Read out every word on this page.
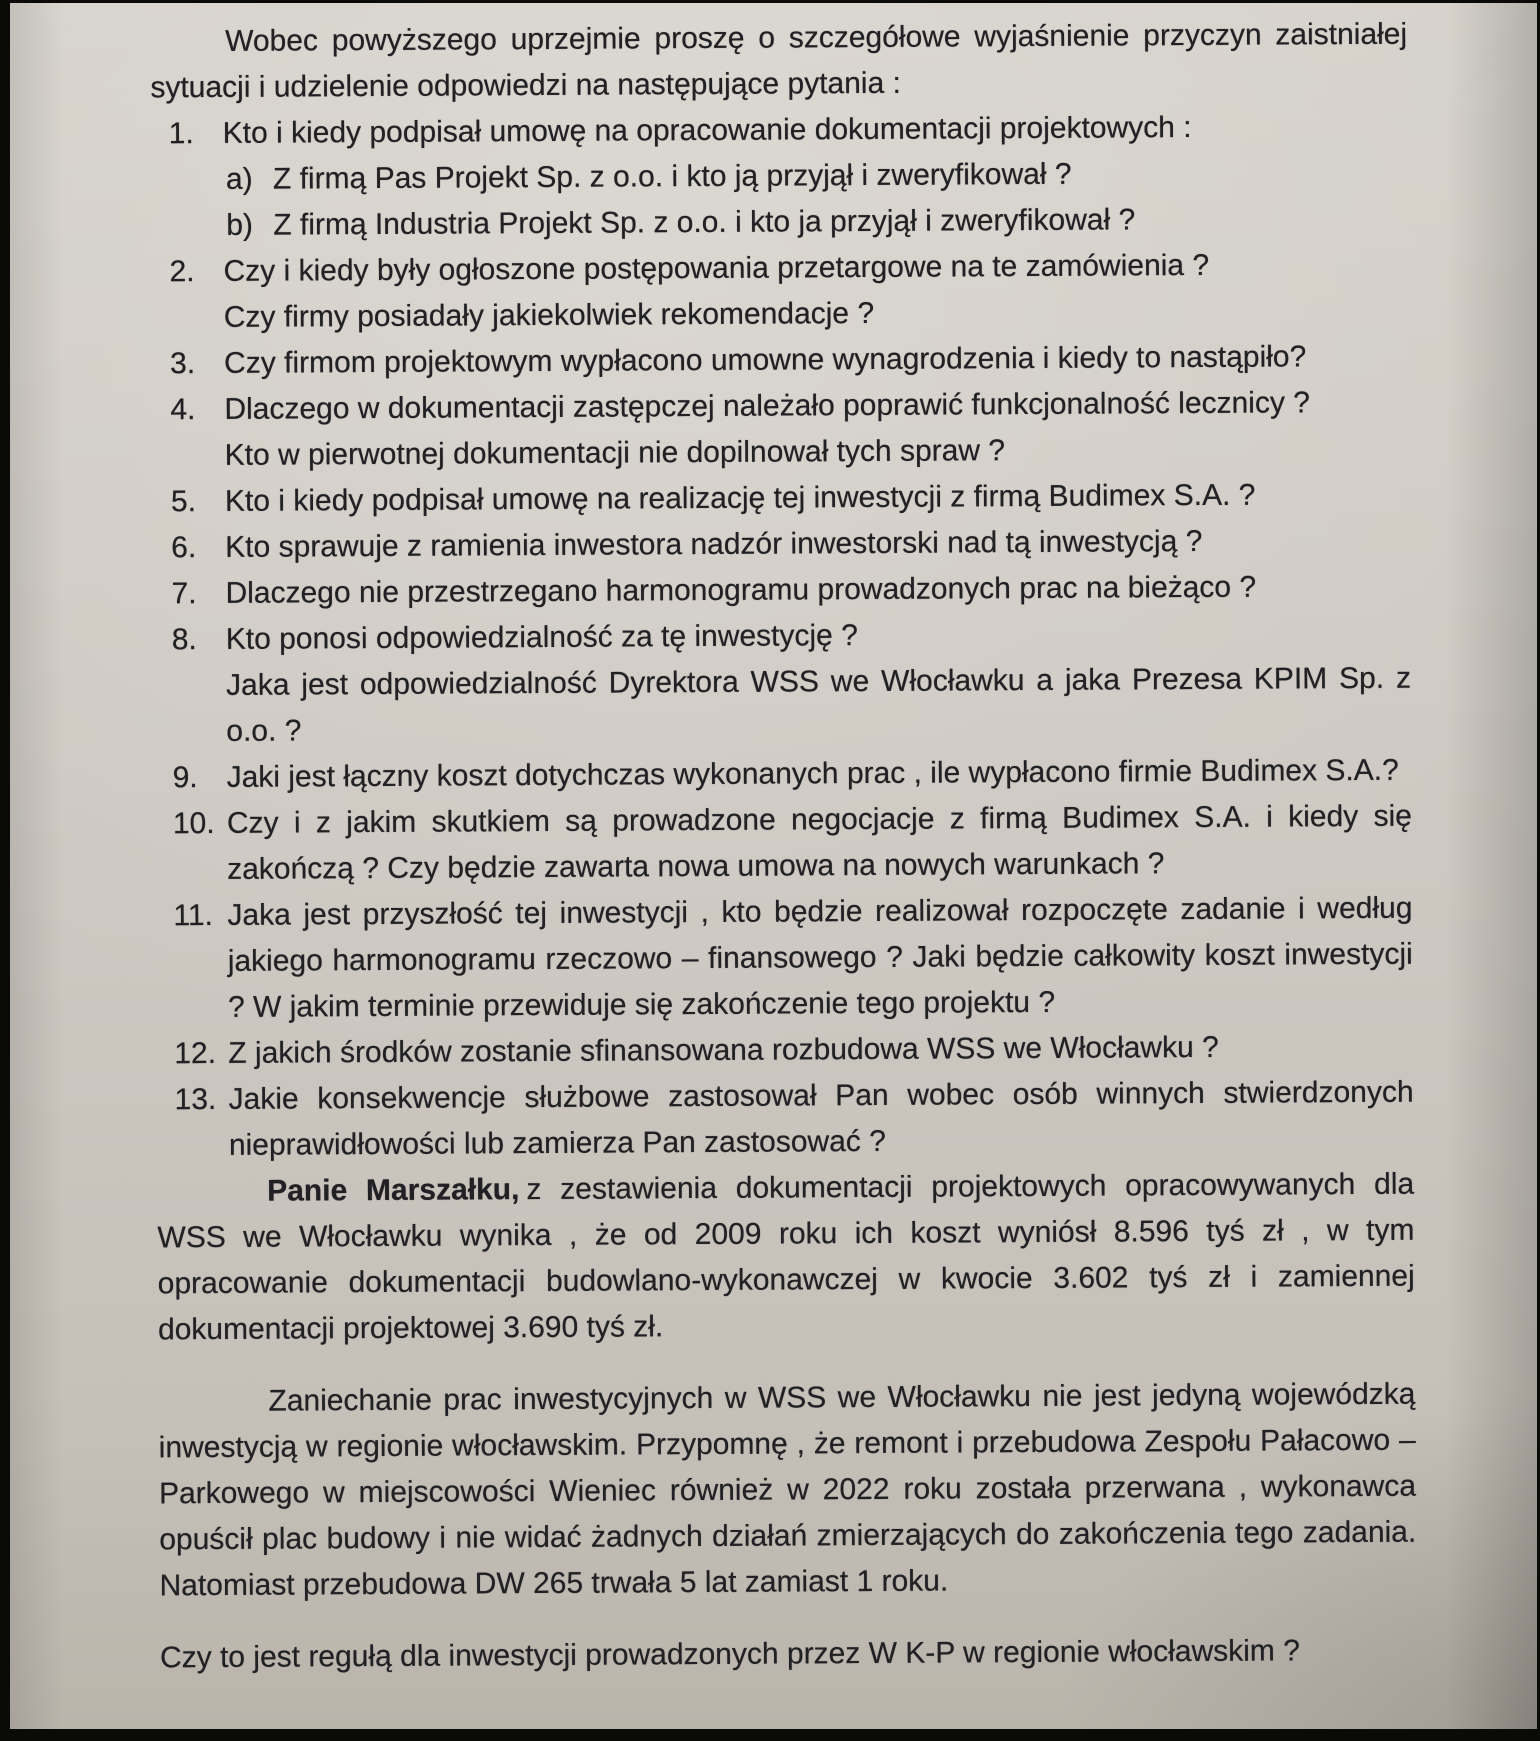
Wobec powyższego uprzejmie proszę o szczegółowe wyjaśnienie przyczyn zaistniałej sytuacji i udzielenie odpowiedzi na następujące pytania :

1. Kto i kiedy podpisał umowę na opracowanie dokumentacji projektowych :

a) Z firmą Pas Projekt Sp. z o.o. i kto ją przyjął i zweryfikował ?

b) Z firmą Industria Projekt Sp. z o.o. i kto ja przyjął i zweryfikował ?

2. Czy i kiedy były ogłoszone postępowania przetargowe na te zamówienia ?

Czy firmy posiadały jakiekolwiek rekomendacje ?

3. Czy firmom projektowym wypłacono umowne wynagrodzenia i kiedy to nastąpiło?

4. Dlaczego w dokumentacji zastępczej należało poprawić funkcjonalność lecznicy ?

Kto w pierwotnej dokumentacji nie dopilnował tych spraw ?

5. Kto i kiedy podpisał umowę na realizację tej inwestycji z firmą Budimex S.A. ?

6. Kto sprawuje z ramienia inwestora nadzór inwestorski nad tą inwestycją ?

7. Dlaczego nie przestrzegano harmonogramu prowadzonych prac na bieżąco ?

8. Kto ponosi odpowiedzialność za tę inwestycję ?

Jaka jest odpowiedzialność Dyrektora WSS we Włocławku a jaka Prezesa KPIM Sp. z o.o. ?

9. Jaki jest łączny koszt dotychczas wykonanych prac , ile wypłacono firmie Budimex S.A.?

10. Czy i z jakim skutkiem są prowadzone negocjacje z firmą Budimex S.A. i kiedy się zakończą ? Czy będzie zawarta nowa umowa na nowych warunkach ?

11. Jaka jest przyszłość tej inwestycji , kto będzie realizował rozpoczęte zadanie i według jakiego harmonogramu rzeczowo – finansowego ? Jaki będzie całkowity koszt inwestycji ? W jakim terminie przewiduje się zakończenie tego projektu ?

12. Z jakich środków zostanie sfinansowana rozbudowa WSS we Włocławku ?

13. Jakie konsekwencje służbowe zastosował Pan wobec osób winnych stwierdzonych nieprawidłowości lub zamierza Pan zastosować ?

Panie Marszałku, z zestawienia dokumentacji projektowych opracowywanych dla WSS we Włocławku wynika , że od 2009 roku ich koszt wyniósł 8.596 tyś zł , w tym opracowanie dokumentacji budowlano-wykonawczej w kwocie 3.602 tyś zł i zamiennej dokumentacji projektowej 3.690 tyś zł.

Zaniechanie prac inwestycyjnych w WSS we Włocławku nie jest jedyną wojewódzką inwestycją w regionie włocławskim. Przypomnę , że remont i przebudowa Zespołu Pałacowo – Parkowego w miejscowości Wieniec również w 2022 roku została przerwana , wykonawca opuścił plac budowy i nie widać żadnych działań zmierzających do zakończenia tego zadania. Natomiast przebudowa DW 265 trwała 5 lat zamiast 1 roku.

Czy to jest regułą dla inwestycji prowadzonych przez W K-P w regionie włocławskim ?
